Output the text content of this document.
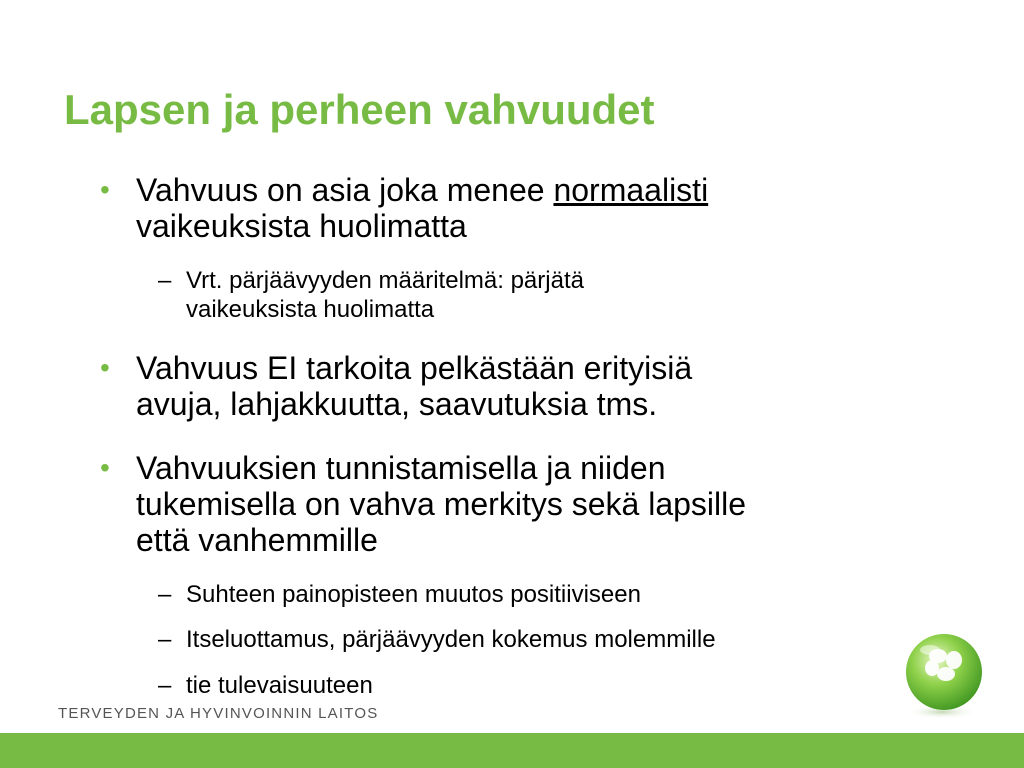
Lapsen ja perheen vahvuudet
• Vahvuus on asia joka menee normaalisti
vaikeuksista huolimatta
– Vrt. pärjäävyyden määritelmä: pärjätä
vaikeuksista huolimatta
• Vahvuus EI tarkoita pelkästään erityisiä
avuja, lahjakkuutta, saavutuksia tms.
• Vahvuuksien tunnistamisella ja niiden
tukemisella on vahva merkitys sekä lapsille
että vanhemmille
– Suhteen painopisteen muutos positiiviseen
– Itseluottamus, pärjäävyyden kokemus molemmille
– tie tulevaisuuteen
TERVEYDEN JA HYVINVOINNIN LAITOS
